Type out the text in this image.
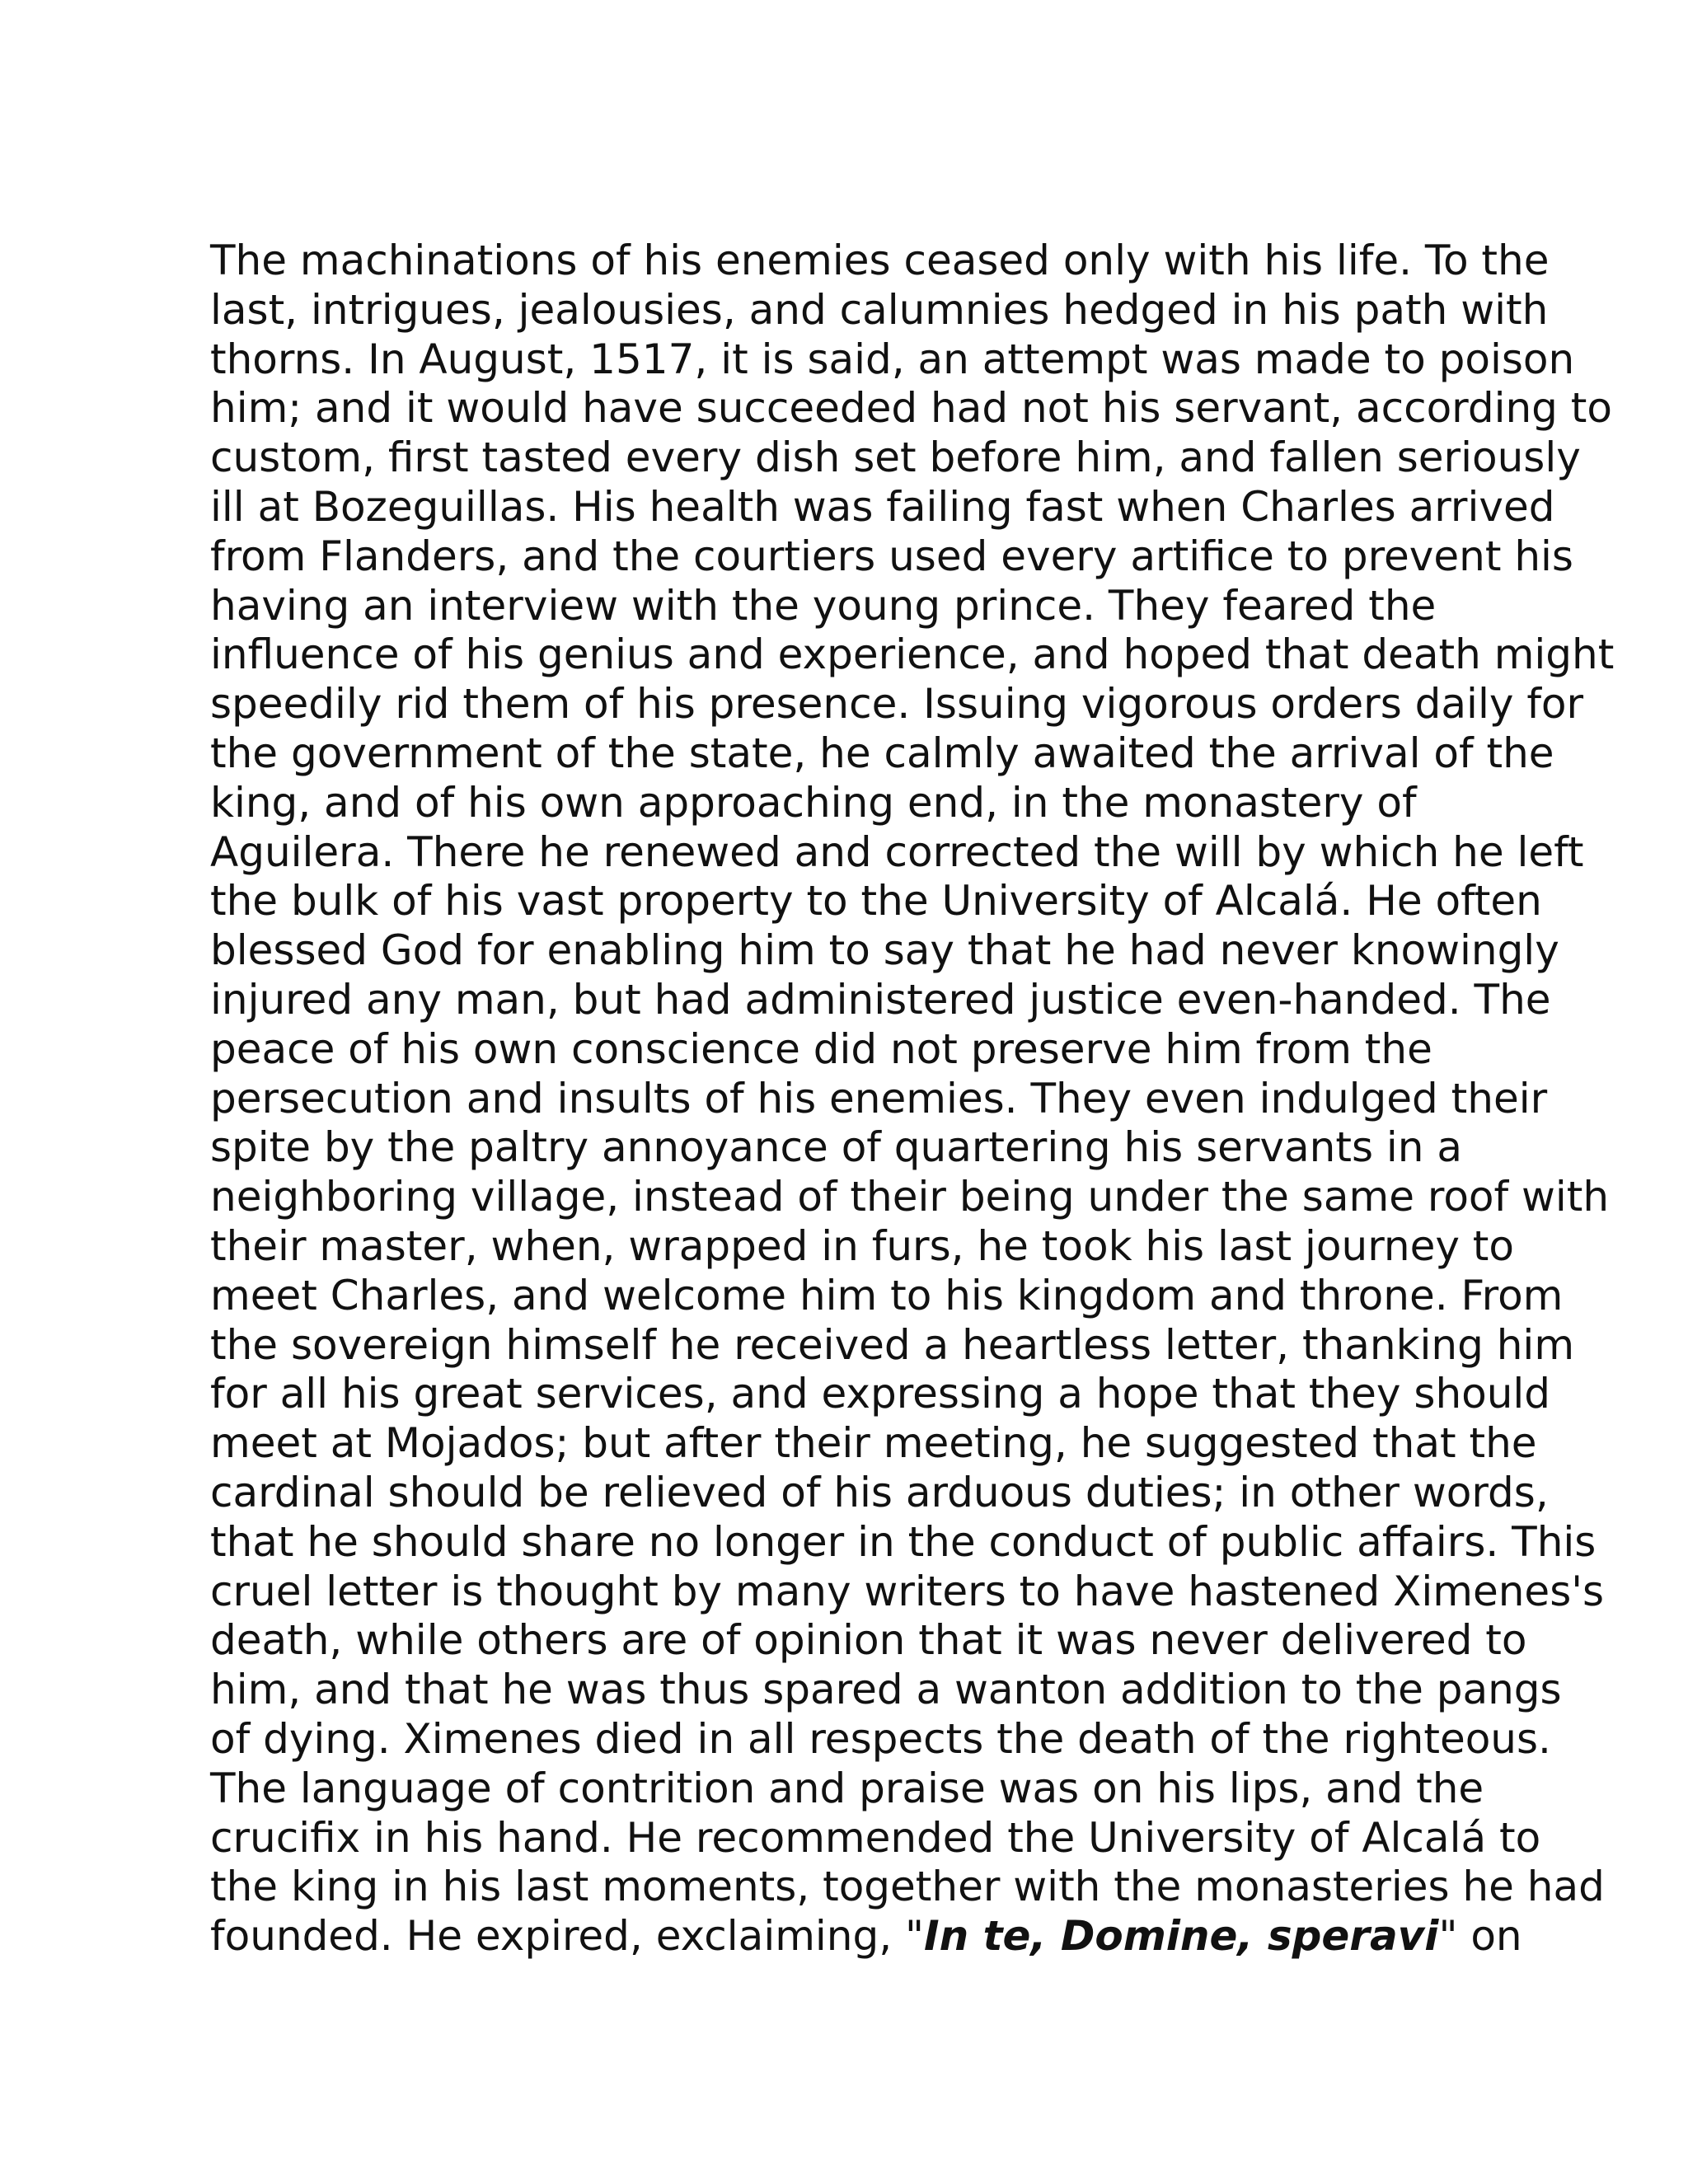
The machinations of his enemies ceased only with his life. To the
last, intrigues, jealousies, and calumnies hedged in his path with
thorns. In August, 1517, it is said, an attempt was made to poison
him; and it would have succeeded had not his servant, according to
custom, first tasted every dish set before him, and fallen seriously
ill at Bozeguillas. His health was failing fast when Charles arrived
from Flanders, and the courtiers used every artifice to prevent his
having an interview with the young prince. They feared the
influence of his genius and experience, and hoped that death might
speedily rid them of his presence. Issuing vigorous orders daily for
the government of the state, he calmly awaited the arrival of the
king, and of his own approaching end, in the monastery of
Aguilera. There he renewed and corrected the will by which he left
the bulk of his vast property to the University of Alcalá. He often
blessed God for enabling him to say that he had never knowingly
injured any man, but had administered justice even-handed. The
peace of his own conscience did not preserve him from the
persecution and insults of his enemies. They even indulged their
spite by the paltry annoyance of quartering his servants in a
neighboring village, instead of their being under the same roof with
their master, when, wrapped in furs, he took his last journey to
meet Charles, and welcome him to his kingdom and throne. From
the sovereign himself he received a heartless letter, thanking him
for all his great services, and expressing a hope that they should
meet at Mojados; but after their meeting, he suggested that the
cardinal should be relieved of his arduous duties; in other words,
that he should share no longer in the conduct of public affairs. This
cruel letter is thought by many writers to have hastened Ximenes's
death, while others are of opinion that it was never delivered to
him, and that he was thus spared a wanton addition to the pangs
of dying. Ximenes died in all respects the death of the righteous.
The language of contrition and praise was on his lips, and the
crucifix in his hand. He recommended the University of Alcalá to
the king in his last moments, together with the monasteries he had
founded. He expired, exclaiming, "In te, Domine, speravi" on
